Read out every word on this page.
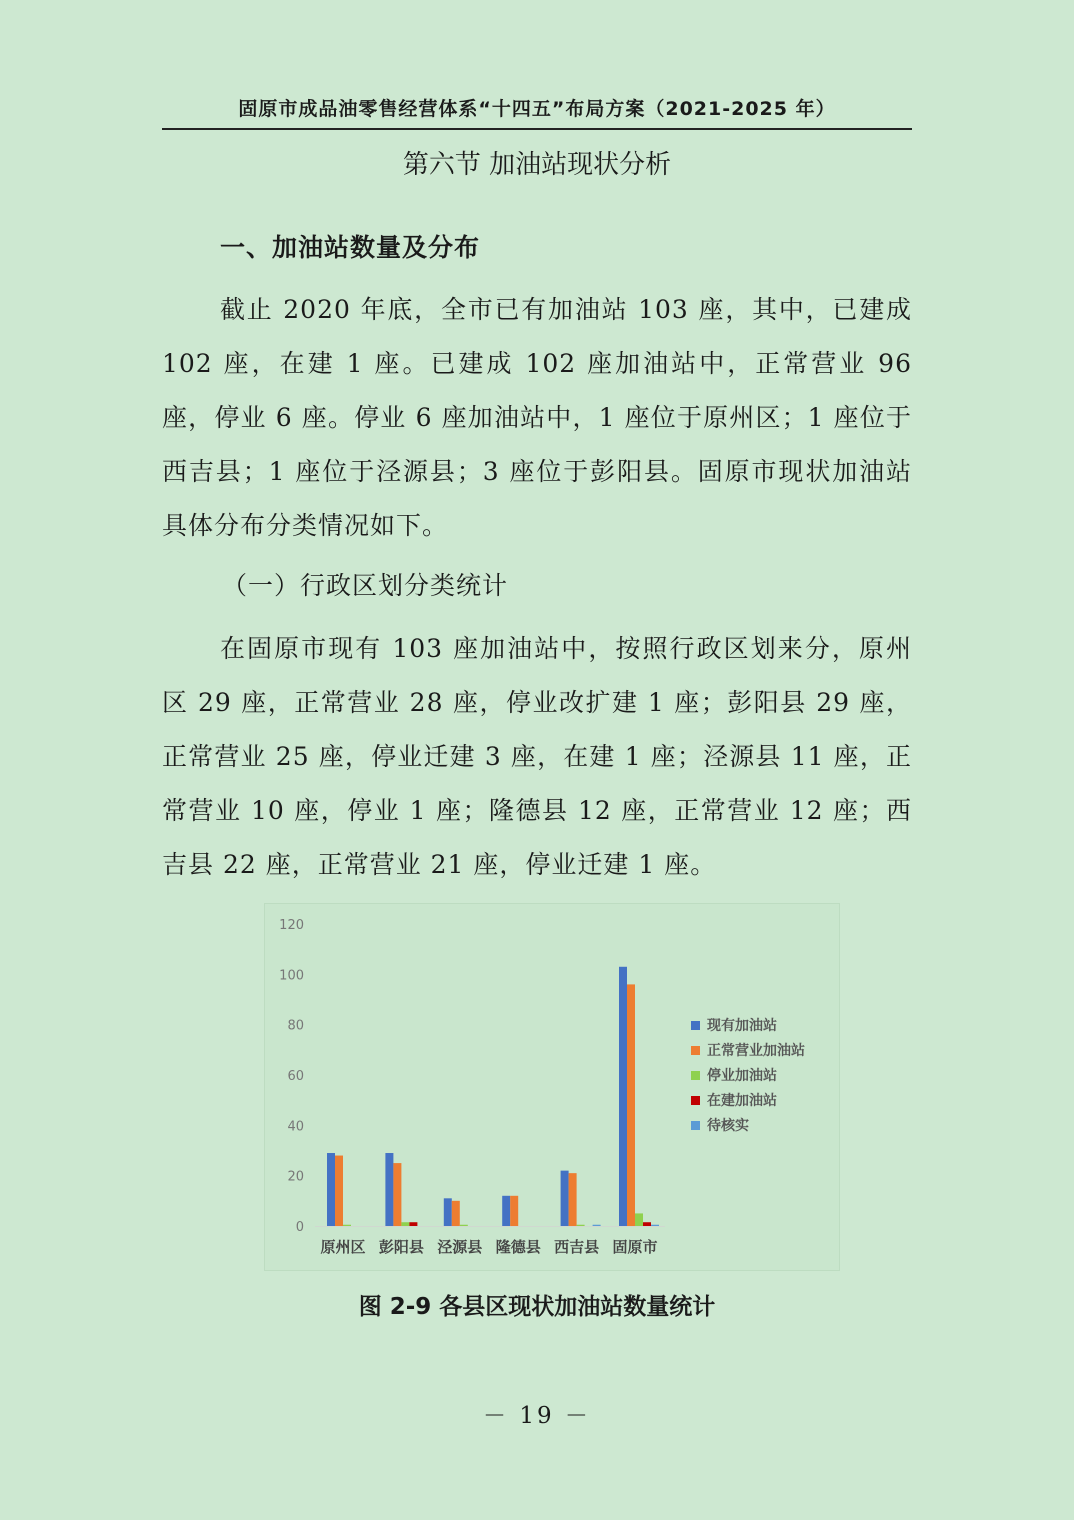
固原市成品油零售经营体系“十四五”布局方案（2021-2025 年）
第六节 加油站现状分析
一、加油站数量及分布
截止 2020 年底，全市已有加油站 103 座，其中，已建成 102 座，在建 1 座。已建成 102 座加油站中，正常营业 96 座，停业 6 座。停业 6 座加油站中，1 座位于原州区；1 座位于西吉县；1 座位于泾源县；3 座位于彭阳县。固原市现状加油站具体分布分类情况如下。
（一）行政区划分类统计
在固原市现有 103 座加油站中，按照行政区划来分，原州区 29 座，正常营业 28 座，停业改扩建 1 座；彭阳县 29 座，正常营业 25 座，停业迁建 3 座，在建 1 座；泾源县 11 座，正常营业 10 座，停业 1 座；隆德县 12 座，正常营业 12 座；西吉县 22 座，正常营业 21 座，停业迁建 1 座。
0
20
40
60
80
100
120
原州区 彭阳县 泾源县 隆德县 西吉县 固原市
现有加油站
正常营业加油站
停业加油站
在建加油站
待核实
图 2-9 各县区现状加油站数量统计
－ 19 －
